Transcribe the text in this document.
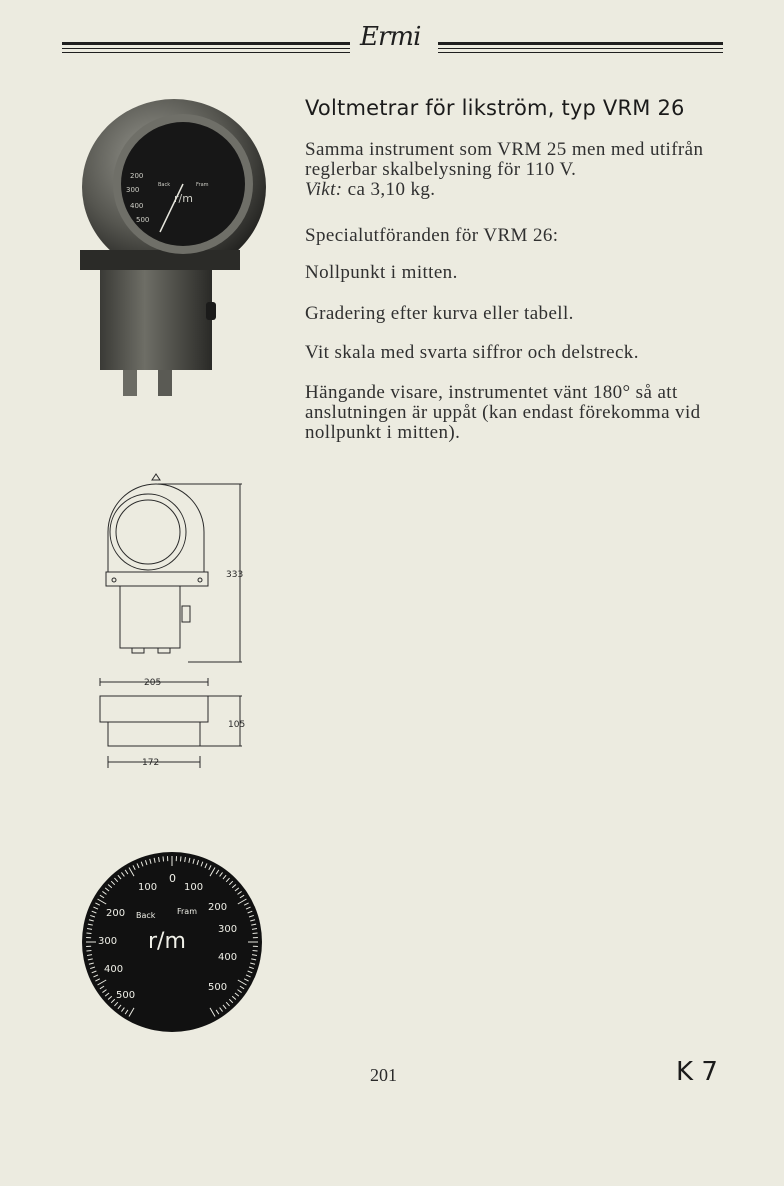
Ermi
Voltmetrar för likström, typ VRM 26
Samma instrument som VRM 25 men med utifrån
reglerbar skalbelysning för 110 V.
Vikt: ca 3,10 kg.
Specialutföranden för VRM 26:
Nollpunkt i mitten.
Gradering efter kurva eller tabell.
Vit skala med svarta siffror och delstreck.
Hängande visare, instrumentet vänt 180° så att
anslutningen är uppåt (kan endast förekomma vid
nollpunkt i mitten).
200
300
400
500
Back	Fram
r/m
333
205
105
172
0
100
200
300
400
500
100
200
300
400
500
Back	Fram
r/m
201	K 7
